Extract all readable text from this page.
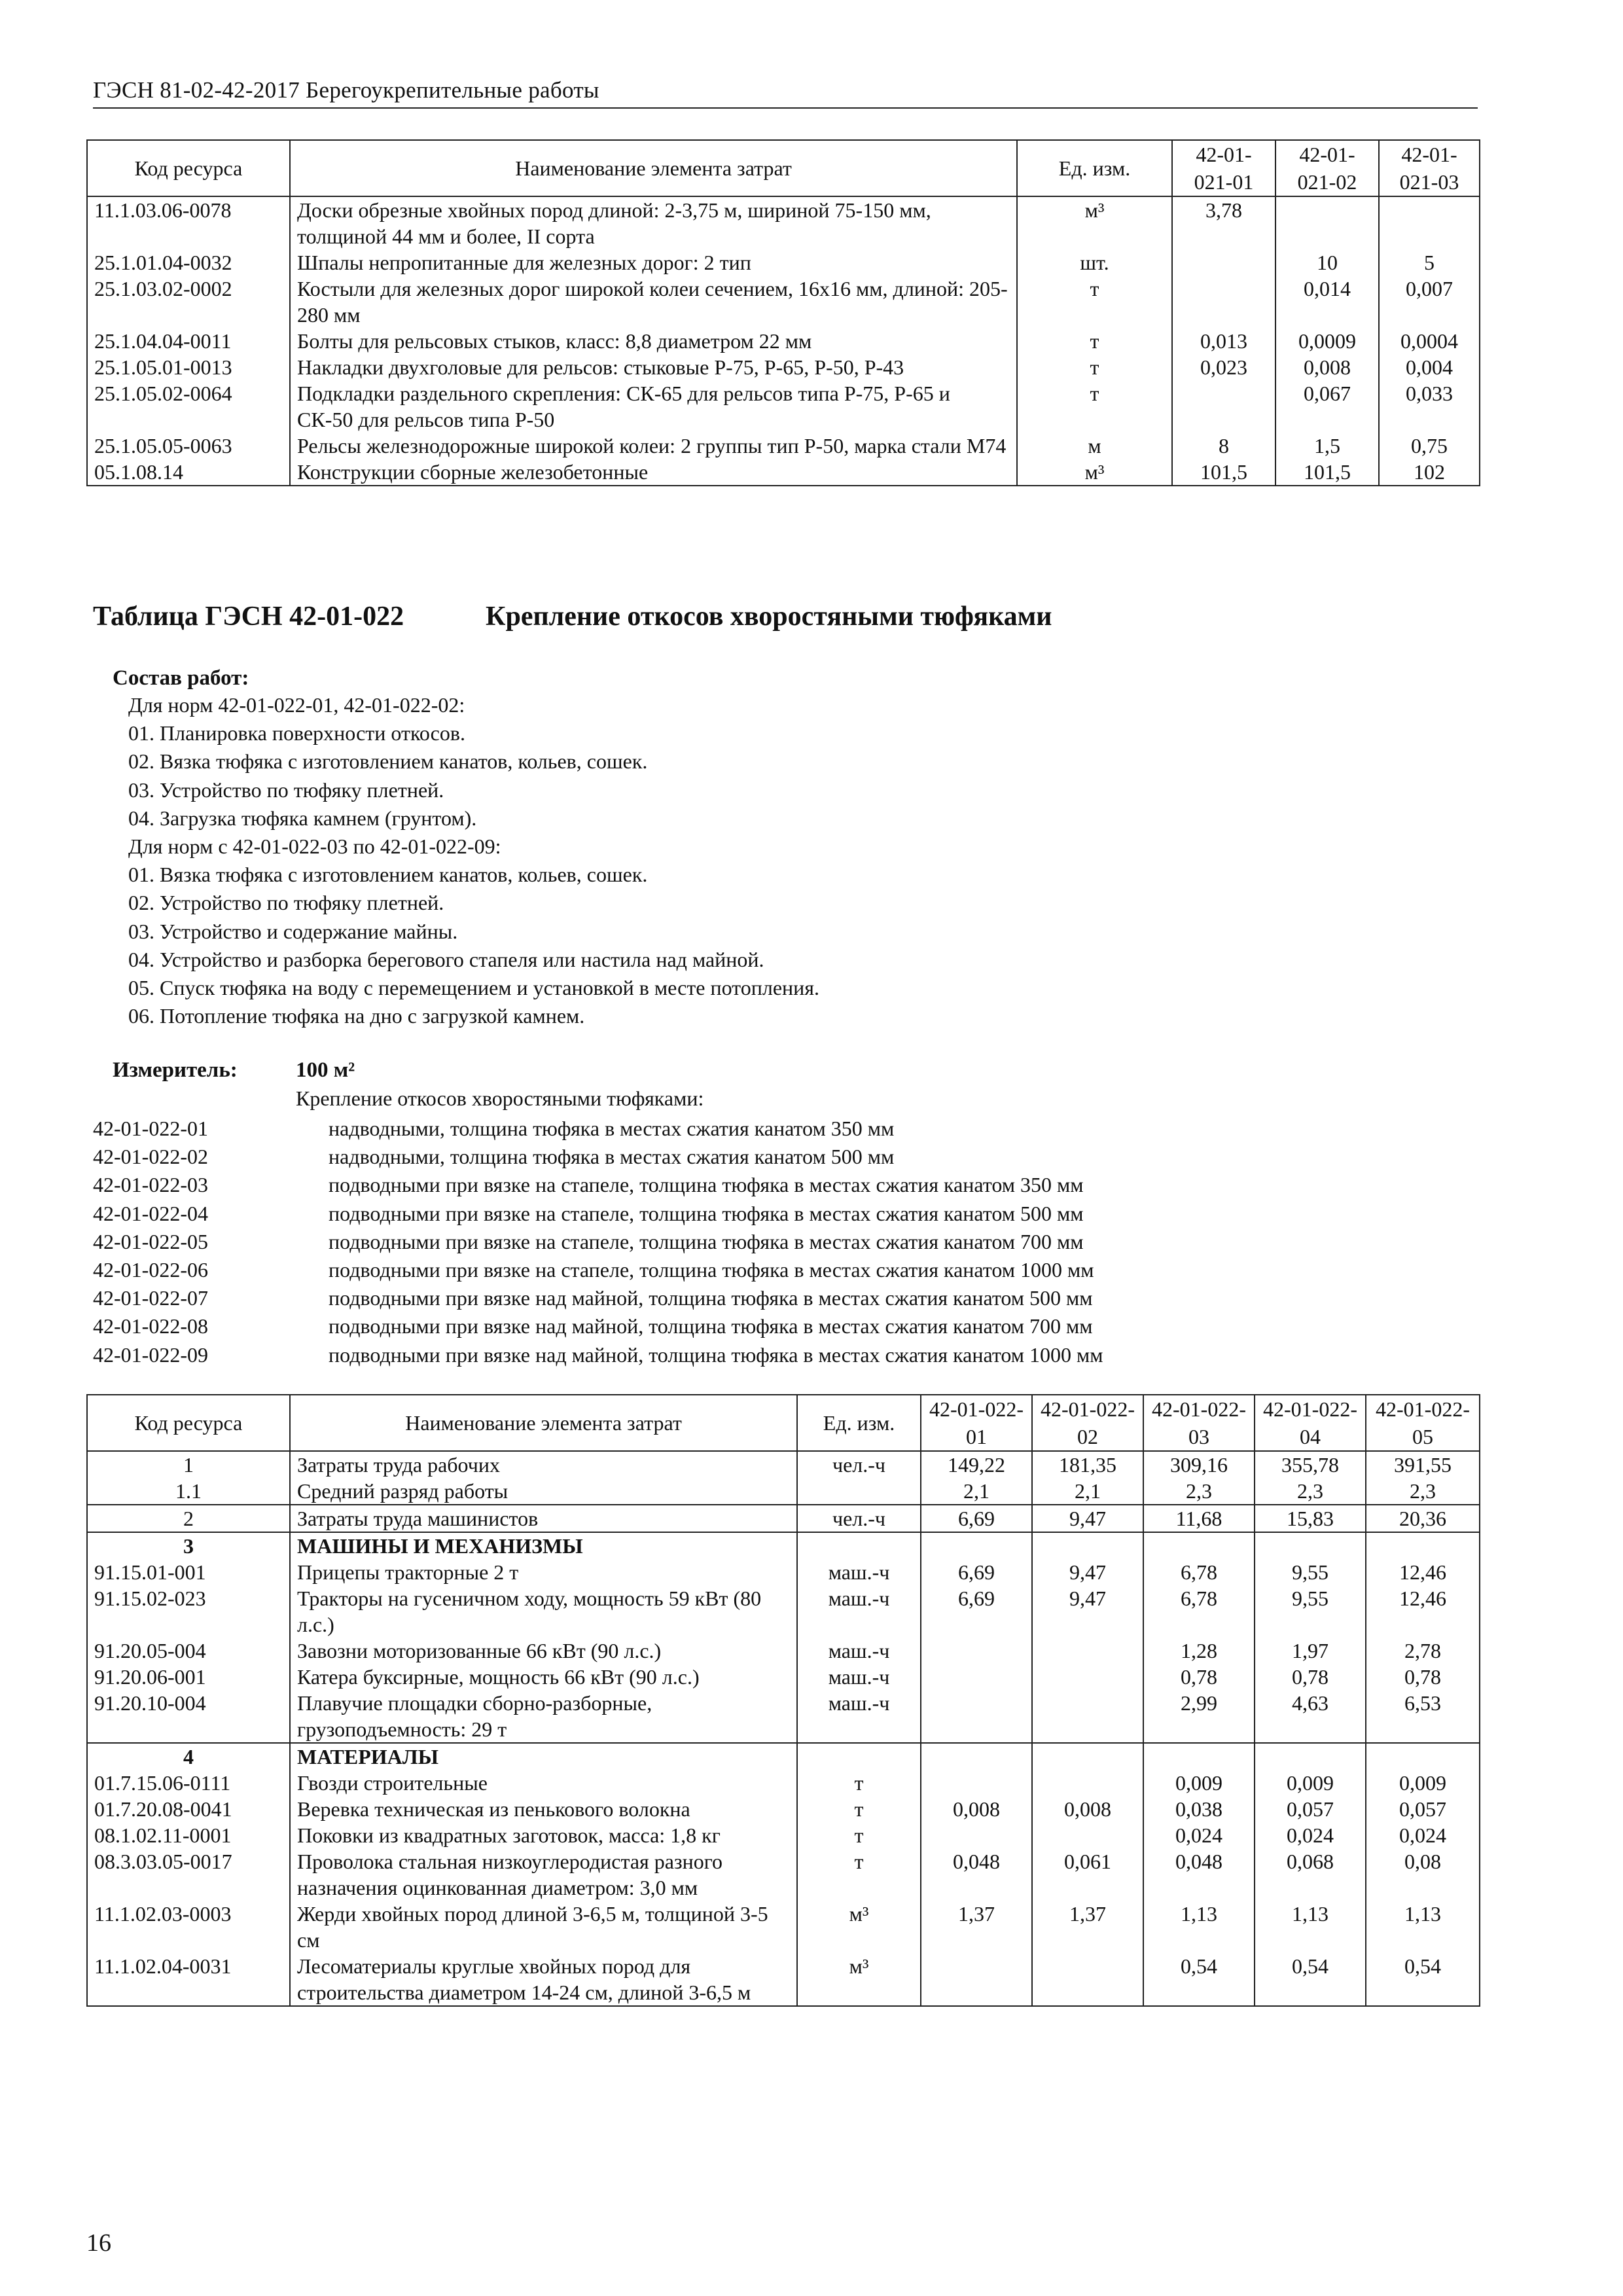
ГЭСН 81-02-42-2017 Берегоукрепительные работы
Код ресурса	Наименование элемента затрат	Ед. изм.	42-01-021-01	42-01-021-02	42-01-021-03
11.1.03.06-0078	Доски обрезные хвойных пород длиной: 2-3,75 м, шириной 75-150 мм, толщиной 44 мм и более, II сорта	м³	3,78		
25.1.01.04-0032	Шпалы непропитанные для железных дорог: 2 тип	шт.		10	5
25.1.03.02-0002	Костыли для железных дорог широкой колеи сечением, 16х16 мм, длиной: 205-280 мм	т		0,014	0,007
25.1.04.04-0011	Болты для рельсовых стыков, класс: 8,8 диаметром 22 мм	т	0,013	0,0009	0,0004
25.1.05.01-0013	Накладки двухголовые для рельсов: стыковые Р-75, Р-65, Р-50, Р-43	т	0,023	0,008	0,004
25.1.05.02-0064	Подкладки раздельного скрепления: СК-65 для рельсов типа Р-75, Р-65 и СК-50 для рельсов типа Р-50	т		0,067	0,033
25.1.05.05-0063	Рельсы железнодорожные широкой колеи: 2 группы тип Р-50, марка стали М74	м	8	1,5	0,75
05.1.08.14	Конструкции сборные железобетонные	м³	101,5	101,5	102
Таблица ГЭСН 42-01-022	Крепление откосов хворостяными тюфяками
Состав работ:
Для норм 42-01-022-01, 42-01-022-02:
01. Планировка поверхности откосов.
02. Вязка тюфяка с изготовлением канатов, кольев, сошек.
03. Устройство по тюфяку плетней.
04. Загрузка тюфяка камнем (грунтом).
Для норм с 42-01-022-03 по 42-01-022-09:
01. Вязка тюфяка с изготовлением канатов, кольев, сошек.
02. Устройство по тюфяку плетней.
03. Устройство и содержание майны.
04. Устройство и разборка берегового стапеля или настила над майной.
05. Спуск тюфяка на воду с перемещением и установкой в месте потопления.
06. Потопление тюфяка на дно с загрузкой камнем.
Измеритель:	100 м²
Крепление откосов хворостяными тюфяками:
42-01-022-01	надводными, толщина тюфяка в местах сжатия канатом 350 мм
42-01-022-02	надводными, толщина тюфяка в местах сжатия канатом 500 мм
42-01-022-03	подводными при вязке на стапеле, толщина тюфяка в местах сжатия канатом 350 мм
42-01-022-04	подводными при вязке на стапеле, толщина тюфяка в местах сжатия канатом 500 мм
42-01-022-05	подводными при вязке на стапеле, толщина тюфяка в местах сжатия канатом 700 мм
42-01-022-06	подводными при вязке на стапеле, толщина тюфяка в местах сжатия канатом 1000 мм
42-01-022-07	подводными при вязке над майной, толщина тюфяка в местах сжатия канатом 500 мм
42-01-022-08	подводными при вязке над майной, толщина тюфяка в местах сжатия канатом 700 мм
42-01-022-09	подводными при вязке над майной, толщина тюфяка в местах сжатия канатом 1000 мм
Код ресурса	Наименование элемента затрат	Ед. изм.	42-01-022-01	42-01-022-02	42-01-022-03	42-01-022-04	42-01-022-05
1	Затраты труда рабочих	чел.-ч	149,22	181,35	309,16	355,78	391,55
1.1	Средний разряд работы		2,1	2,1	2,3	2,3	2,3
2	Затраты труда машинистов	чел.-ч	6,69	9,47	11,68	15,83	20,36
3	МАШИНЫ И МЕХАНИЗМЫ						
91.15.01-001	Прицепы тракторные 2 т	маш.-ч	6,69	9,47	6,78	9,55	12,46
91.15.02-023	Тракторы на гусеничном ходу, мощность 59 кВт (80 л.с.)	маш.-ч	6,69	9,47	6,78	9,55	12,46
91.20.05-004	Завозни моторизованные 66 кВт (90 л.с.)	маш.-ч			1,28	1,97	2,78
91.20.06-001	Катера буксирные, мощность 66 кВт (90 л.с.)	маш.-ч			0,78	0,78	0,78
91.20.10-004	Плавучие площадки сборно-разборные, грузоподъемность: 29 т	маш.-ч			2,99	4,63	6,53
4	МАТЕРИАЛЫ						
01.7.15.06-0111	Гвозди строительные	т			0,009	0,009	0,009
01.7.20.08-0041	Веревка техническая из пенькового волокна	т	0,008	0,008	0,038	0,057	0,057
08.1.02.11-0001	Поковки из квадратных заготовок, масса: 1,8 кг	т			0,024	0,024	0,024
08.3.03.05-0017	Проволока стальная низкоуглеродистая разного назначения оцинкованная диаметром: 3,0 мм	т	0,048	0,061	0,048	0,068	0,08
11.1.02.03-0003	Жерди хвойных пород длиной 3-6,5 м, толщиной 3-5 см	м³	1,37	1,37	1,13	1,13	1,13
11.1.02.04-0031	Лесоматериалы круглые хвойных пород для строительства диаметром 14-24 см, длиной 3-6,5 м	м³			0,54	0,54	0,54
16
